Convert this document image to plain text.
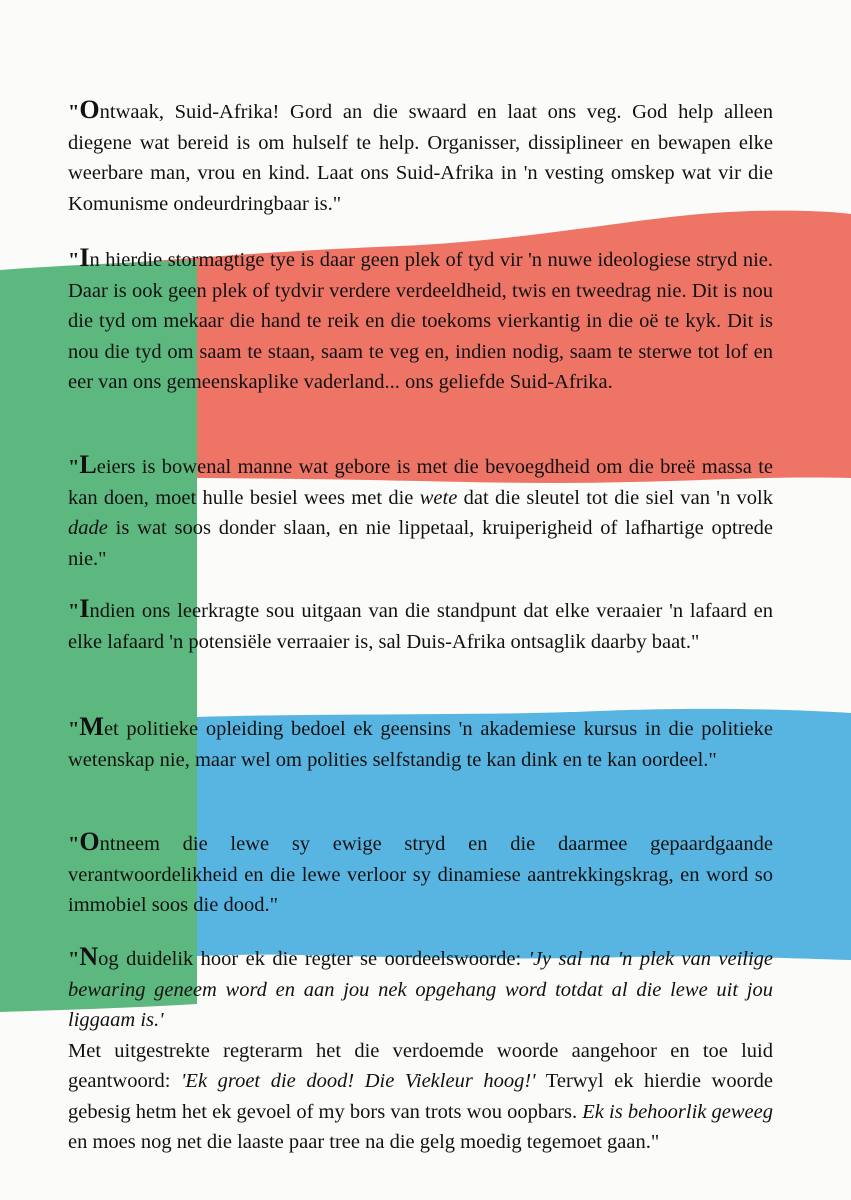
"Ontwaak, Suid-Afrika! Gord an die swaard en laat ons veg. God help alleen diegene wat bereid is om hulself te help. Organisser, dissiplineer en bewapen elke weerbare man, vrou en kind. Laat ons Suid-Afrika in 'n vesting omskep wat vir die Komunisme ondeurdringbaar is."

"In hierdie stormagtige tye is daar geen plek of tyd vir 'n nuwe ideologiese stryd nie. Daar is ook geen plek of tydvir verdere verdeeldheid, twis en tweedrag nie. Dit is nou die tyd om mekaar die hand te reik en die toekoms vierkantig in die oë te kyk. Dit is nou die tyd om saam te staan, saam te veg en, indien nodig, saam te sterwe tot lof en eer van ons gemeenskaplike vaderland... ons geliefde Suid-Afrika.

"Leiers is bowenal manne wat gebore is met die bevoegdheid om die breë massa te kan doen, moet hulle besiel wees met die wete dat die sleutel tot die siel van 'n volk dade is wat soos donder slaan, en nie lippetaal, kruiperigheid of lafhartige optrede nie."

"Indien ons leerkragte sou uitgaan van die standpunt dat elke veraaier 'n lafaard en elke lafaard 'n potensiële verraaier is, sal Duis-Afrika ontsaglik daarby baat."

"Met politieke opleiding bedoel ek geensins 'n akademiese kursus in die politieke wetenskap nie, maar wel om polities selfstandig te kan dink en te kan oordeel."

"Ontneem die lewe sy ewige stryd en die daarmee gepaardgaande verantwoordelikheid en die lewe verloor sy dinamiese aantrekkingskrag, en word so immobiel soos die dood."

"Nog duidelik hoor ek die regter se oordeelswoorde: 'Jy sal na 'n plek van veilige bewaring geneem word en aan jou nek opgehang word totdat al die lewe uit jou liggaam is.'
Met uitgestrekte regterarm het die verdoemde woorde aangehoor en toe luid geantwoord: 'Ek groet die dood! Die Viekleur hoog!' Terwyl ek hierdie woorde gebesig hetm het ek gevoel of my bors van trots wou oopbars. Ek is behoorlik geweeg en moes nog net die laaste paar tree na die gelg moedig tegemoet gaan."
